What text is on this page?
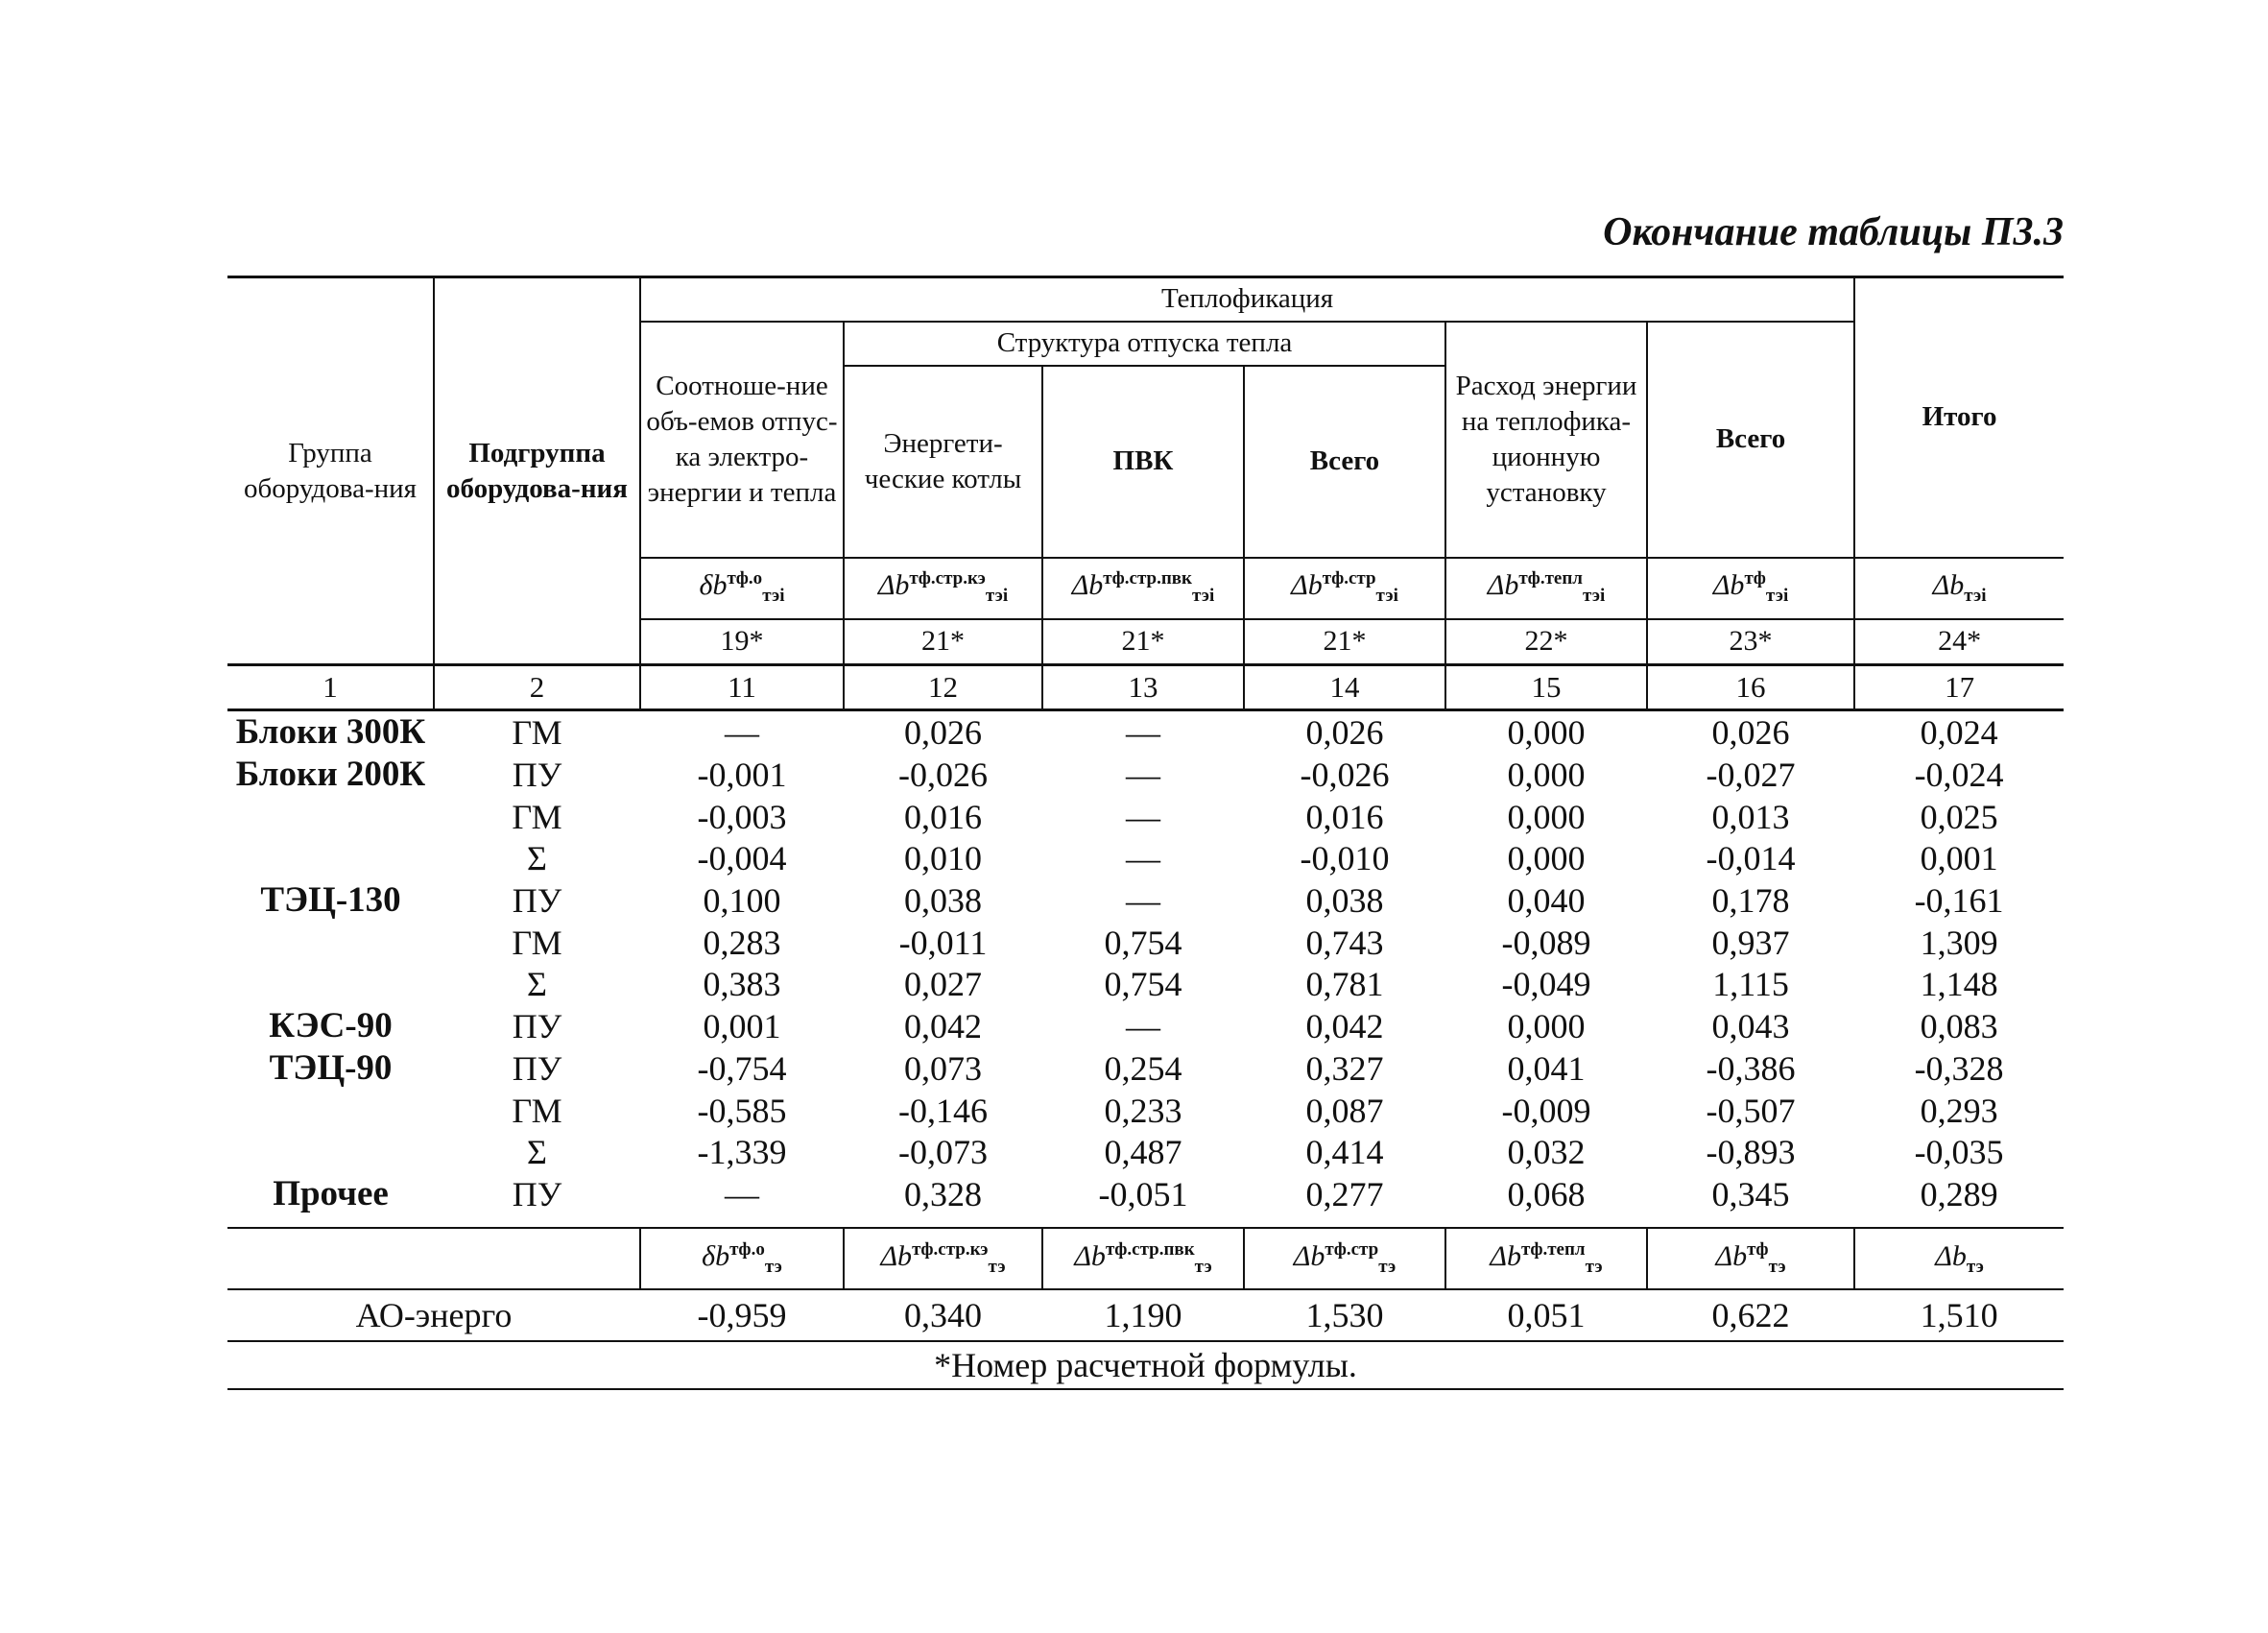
Окончание таблицы П3.3
Группа оборудова-ния	Подгруппа оборудова-ния	Теплофикация						Итого
		Соотноше-ние объ-емов отпус-ка электро-энергии и тепла	Структура отпуска тепла			Расход энергии на теплофика-ционную установку	Всего	
			Энергети-ческие котлы	ПВК	Всего			
		$\delta b^{тф.о}_{тэi}$	$\Delta b^{тф.стр.кэ}_{тэi}$	$\Delta b^{тф.стр.пвк}_{тэi}$	$\Delta b^{тф.стр}_{тэi}$	$\Delta b^{тф.тепл}_{тэi}$	$\Delta b^{тф}_{тэi}$	$\Delta b_{тэi}$
		19*	21*	21*	21*	22*	23*	24*
1	2	11	12	13	14	15	16	17
Блоки 300К	ГМ	—	0,026	—	0,026	0,000	0,026	0,024
Блоки 200К	ПУ	-0,001	-0,026	—	-0,026	0,000	-0,027	-0,024
	ГМ	-0,003	0,016	—	0,016	0,000	0,013	0,025
	Σ	-0,004	0,010	—	-0,010	0,000	-0,014	0,001
ТЭЦ-130	ПУ	0,100	0,038	—	0,038	0,040	0,178	-0,161
	ГМ	0,283	-0,011	0,754	0,743	-0,089	0,937	1,309
	Σ	0,383	0,027	0,754	0,781	-0,049	1,115	1,148
КЭС-90	ПУ	0,001	0,042	—	0,042	0,000	0,043	0,083
ТЭЦ-90	ПУ	-0,754	0,073	0,254	0,327	0,041	-0,386	-0,328
	ГМ	-0,585	-0,146	0,233	0,087	-0,009	-0,507	0,293
	Σ	-1,339	-0,073	0,487	0,414	0,032	-0,893	-0,035
Прочее	ПУ	—	0,328	-0,051	0,277	0,068	0,345	0,289

		$\delta b^{тф.о}_{тэ}$	$\Delta b^{тф.стр.кэ}_{тэ}$	$\Delta b^{тф.стр.пвк}_{тэ}$	$\Delta b^{тф.стр}_{тэ}$	$\Delta b^{тф.тепл}_{тэ}$	$\Delta b^{тф}_{тэ}$	$\Delta b_{тэ}$
АО-энерго		-0,959	0,340	1,190	1,530	0,051	0,622	1,510
*Номер расчетной формулы.								
